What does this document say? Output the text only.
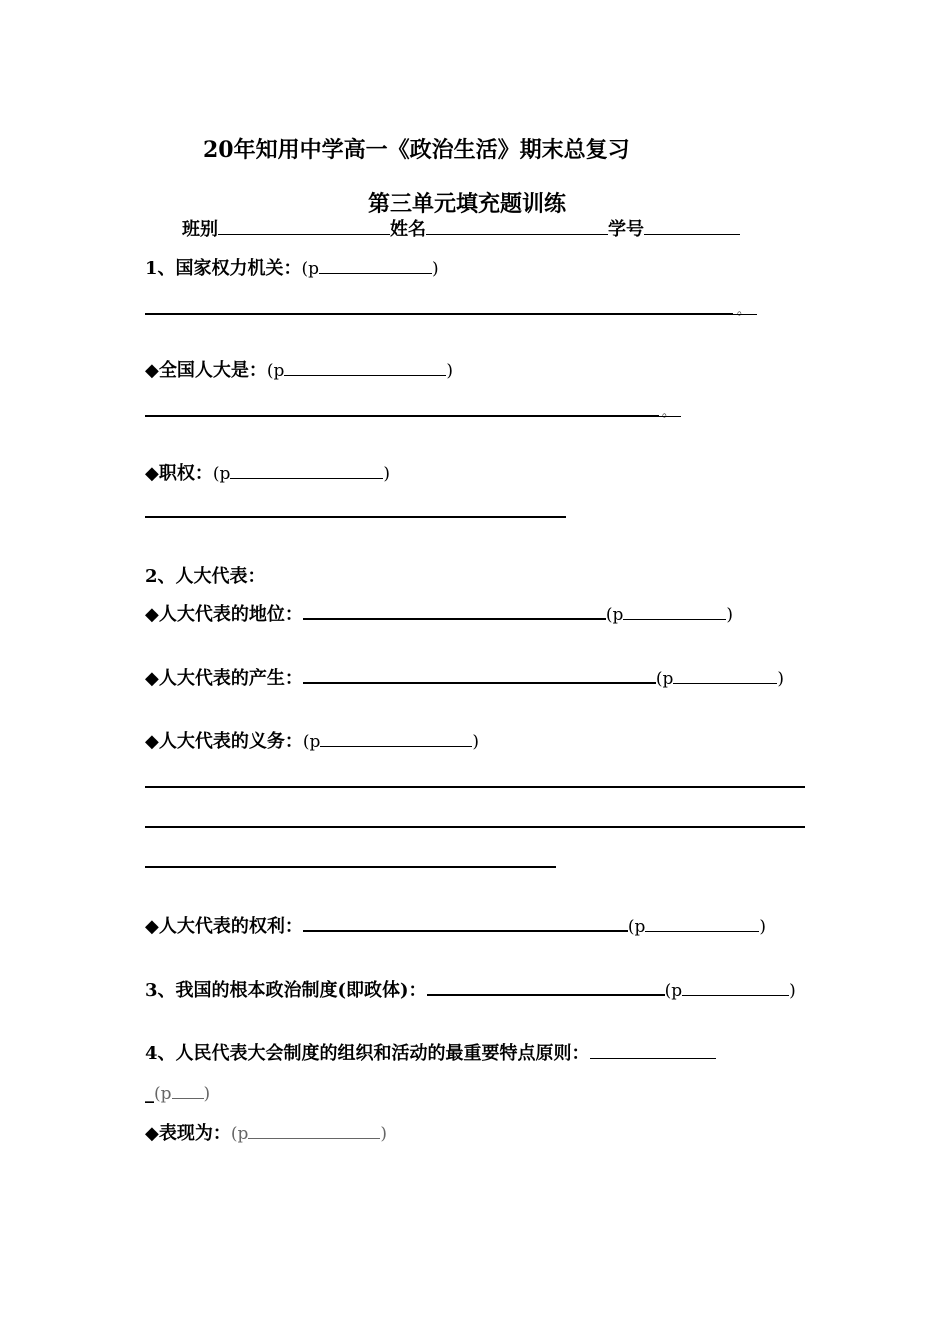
20年知用中学高一《政治生活》期末总复习
第三单元填充题训练
班别	姓名	学号
1、国家权力机关：(p	)
。
◆全国人大是：(p	)
。
◆职权：(p	)
2、人大代表：
◆人大代表的地位：	(p	)
◆人大代表的产生：	(p	)
◆人大代表的义务：(p	)
◆人大代表的权利：	(p	)
3、我国的根本政治制度(即政体)：	(p	)
4、人民代表大会制度的组织和活动的最重要特点原则：
_(p )
◆表现为：(p	)
